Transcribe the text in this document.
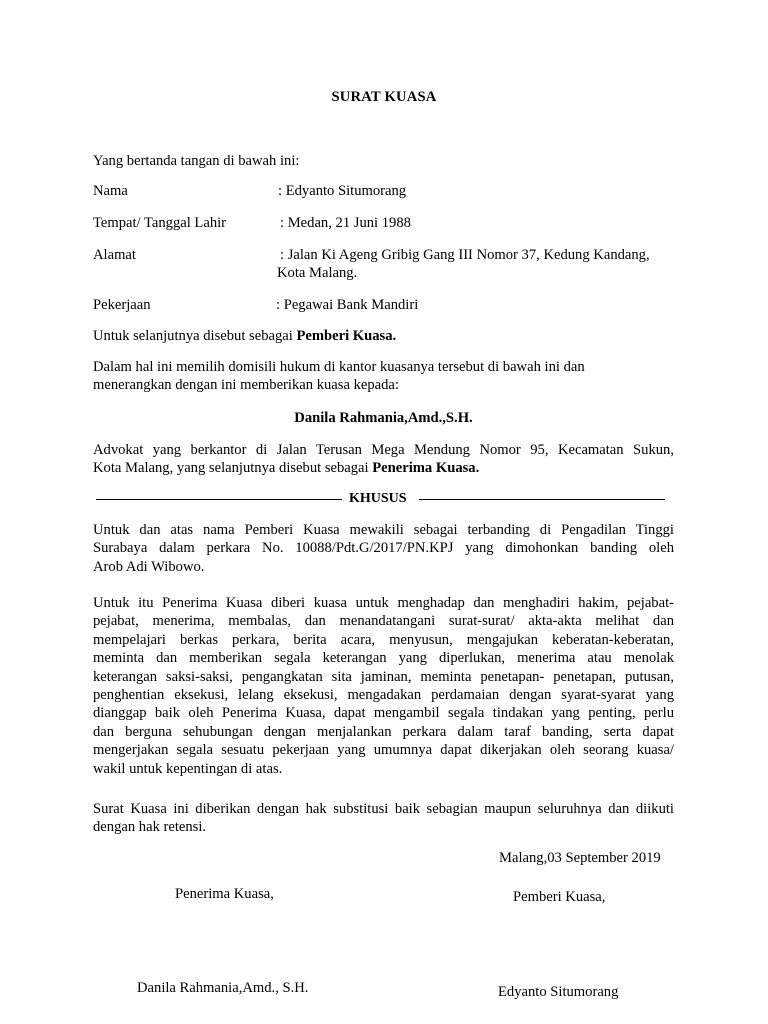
SURAT KUASA
Yang bertanda tangan di bawah ini:
Nama	: Edyanto Situmorang
Tempat/ Tanggal Lahir	: Medan, 21 Juni 1988
Alamat	: Jalan Ki Ageng Gribig Gang III Nomor 37, Kedung Kandang,
Kota Malang.
Pekerjaan	: Pegawai Bank Mandiri
Untuk selanjutnya disebut sebagai Pemberi Kuasa.
Dalam hal ini memilih domisili hukum di kantor kuasanya tersebut di bawah ini dan
menerangkan dengan ini memberikan kuasa kepada:
Danila Rahmania,Amd.,S.H.
Advokat yang berkantor di Jalan Terusan Mega Mendung Nomor 95, Kecamatan Sukun,
Kota Malang, yang selanjutnya disebut sebagai Penerima Kuasa.
KHUSUS
Untuk dan atas nama Pemberi Kuasa mewakili sebagai terbanding di Pengadilan Tinggi
Surabaya dalam perkara No. 10088/Pdt.G/2017/PN.KPJ yang dimohonkan banding oleh
Arob Adi Wibowo.
Untuk itu Penerima Kuasa diberi kuasa untuk menghadap dan menghadiri hakim, pejabat-
pejabat, menerima, membalas, dan menandatangani surat-surat/ akta-akta melihat dan
mempelajari berkas perkara, berita acara, menyusun, mengajukan keberatan-keberatan,
meminta dan memberikan segala keterangan yang diperlukan, menerima atau menolak
keterangan saksi-saksi, pengangkatan sita jaminan, meminta penetapan- penetapan, putusan,
penghentian eksekusi, lelang eksekusi, mengadakan perdamaian dengan syarat-syarat yang
dianggap baik oleh Penerima Kuasa, dapat mengambil segala tindakan yang penting, perlu
dan berguna sehubungan dengan menjalankan perkara dalam taraf banding, serta dapat
mengerjakan segala sesuatu pekerjaan yang umumnya dapat dikerjakan oleh seorang kuasa/
wakil untuk kepentingan di atas.
Surat Kuasa ini diberikan dengan hak substitusi baik sebagian maupun seluruhnya dan diikuti
dengan hak retensi.
Malang,03 September 2019
Penerima Kuasa,	Pemberi Kuasa,
Danila Rahmania,Amd., S.H.	Edyanto Situmorang
